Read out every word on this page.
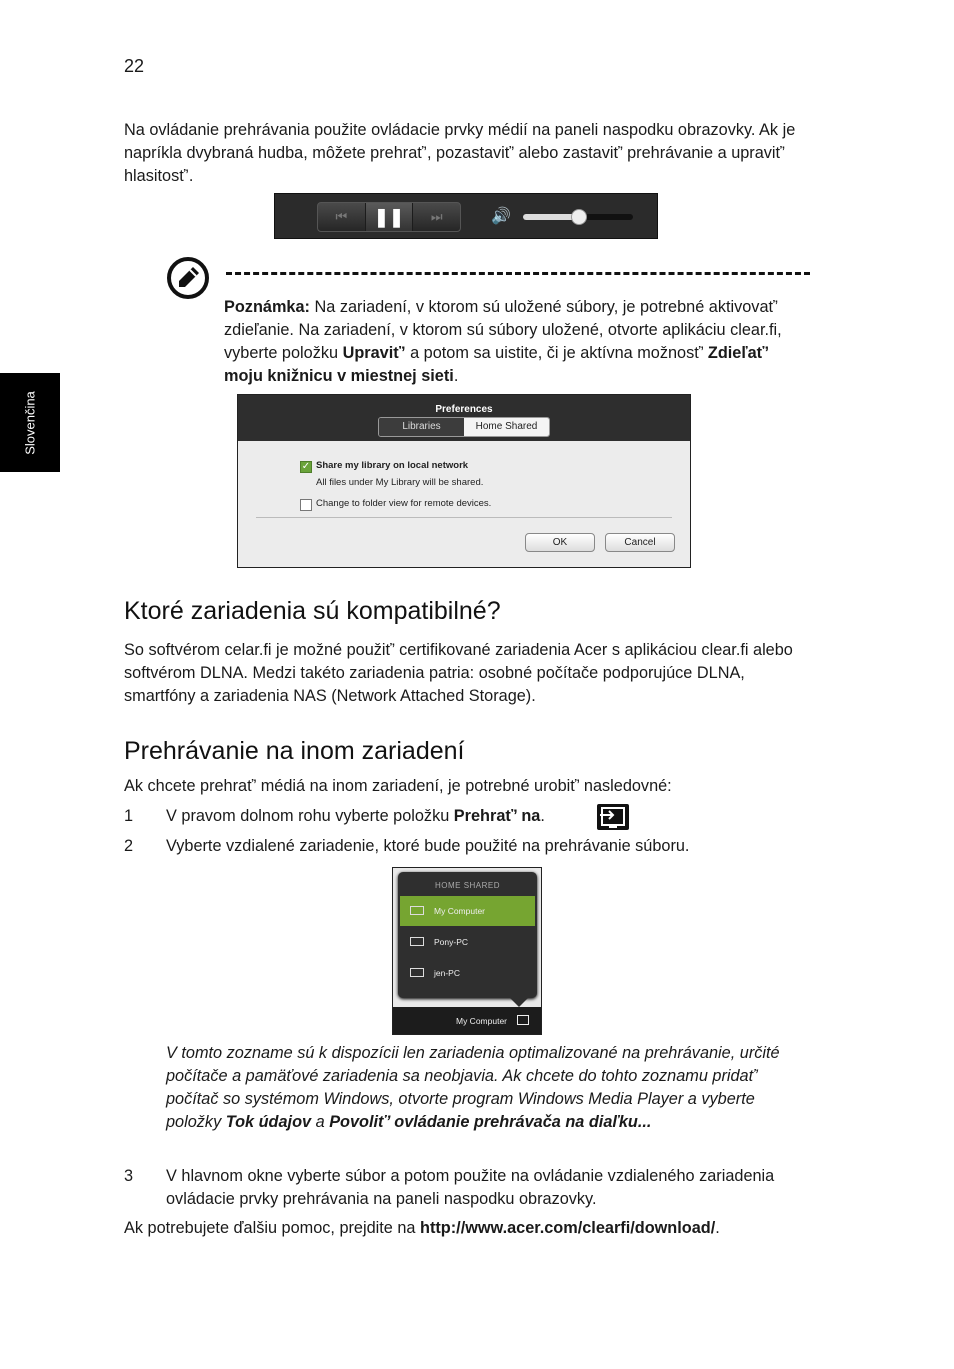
22
Slovenčina
Na ovládanie prehrávania použite ovládacie prvky médií na paneli naspodku obrazovky. Ak je napríkla dvybraná hudba, môžete prehrať’, pozastaviť’ alebo zastaviť’ prehrávanie a upraviť’ hlasitosť’.
⏮	❚❚	⏭	🔊
Poznámka: Na zariadení, v ktorom sú uložené súbory, je potrebné aktivovať’ zdieľanie. Na zariadení, v ktorom sú súbory uložené, otvorte aplikáciu clear.fi, vyberte položku Upraviť’ a potom sa uistite, či je aktívna možnosť’ Zdieľať’ moju knižnicu v miestnej sieti.
Preferences
Libraries	Home Shared
✓ Share my library on local network
All files under My Library will be shared.
Change to folder view for remote devices.
OK	Cancel
Ktoré zariadenia sú kompatibilné?
So softvérom celar.fi je možné použiť’ certifikované zariadenia Acer s aplikáciou clear.fi alebo softvérom DLNA. Medzi takéto zariadenia patria: osobné počítače podporujúce DLNA, smartfóny a zariadenia NAS (Network Attached Storage).
Prehrávanie na inom zariadení
Ak chcete prehrať’ médiá na inom zariadení, je potrebné urobiť’ nasledovné:
1 V pravom dolnom rohu vyberte položku Prehrať’ na.
2 Vyberte vzdialené zariadenie, ktoré bude použité na prehrávanie súboru.
HOME SHARED
My Computer
Pony-PC
jen-PC
My Computer
V tomto zozname sú k dispozícii len zariadenia optimalizované na prehrávanie, určité počítače a pamäťové zariadenia sa neobjavia. Ak chcete do tohto zoznamu pridať’ počítač so systémom Windows, otvorte program Windows Media Player a vyberte položky Tok údajov a Povoliť’ ovládanie prehrávača na diaľku...
3 V hlavnom okne vyberte súbor a potom použite na ovládanie vzdialeného zariadenia ovládacie prvky prehrávania na paneli naspodku obrazovky.
Ak potrebujete ďalšiu pomoc, prejdite na http://www.acer.com/clearfi/download/.
